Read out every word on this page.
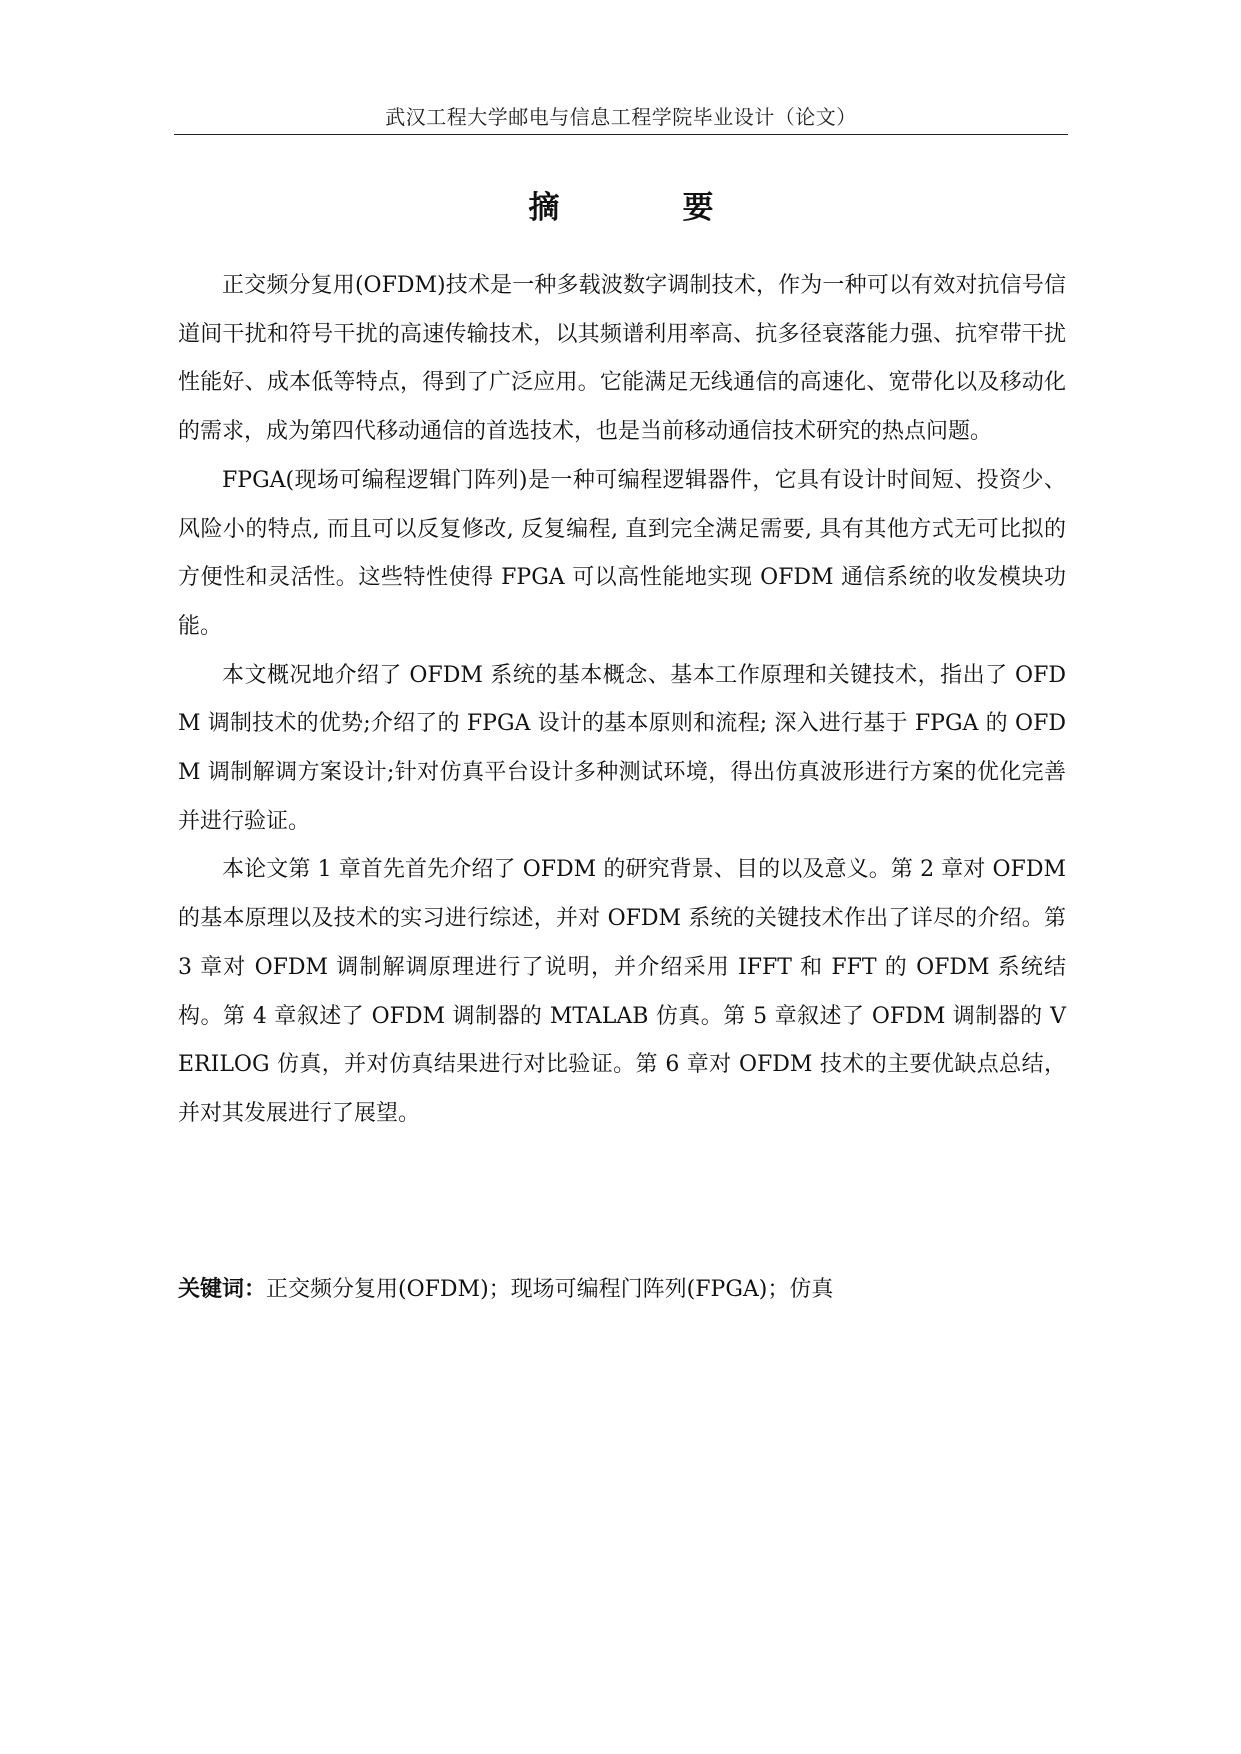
武汉工程大学邮电与信息工程学院毕业设计（论文）
摘　要

正交频分复用(OFDM)技术是一种多载波数字调制技术，作为一种可以有效对抗信号信道间干扰和符号干扰的高速传输技术，以其频谱利用率高、抗多径衰落能力强、抗窄带干扰性能好、成本低等特点，得到了广泛应用。它能满足无线通信的高速化、宽带化以及移动化的需求，成为第四代移动通信的首选技术，也是当前移动通信技术研究的热点问题。

FPGA(现场可编程逻辑门阵列)是一种可编程逻辑器件，它具有设计时间短、投资少、风险小的特点, 而且可以反复修改, 反复编程, 直到完全满足需要, 具有其他方式无可比拟的方便性和灵活性。这些特性使得 FPGA 可以高性能地实现 OFDM 通信系统的收发模块功能。

本文概况地介绍了 OFDM 系统的基本概念、基本工作原理和关键技术，指出了 OFDM 调制技术的优势;介绍了的 FPGA 设计的基本原则和流程; 深入进行基于 FPGA 的 OFDM 调制解调方案设计;针对仿真平台设计多种测试环境，得出仿真波形进行方案的优化完善并进行验证。

本论文第 1 章首先首先介绍了 OFDM 的研究背景、目的以及意义。第 2 章对 OFDM 的基本原理以及技术的实习进行综述，并对 OFDM 系统的关键技术作出了详尽的介绍。第 3 章对 OFDM 调制解调原理进行了说明，并介绍采用 IFFT 和 FFT 的 OFDM 系统结构。第 4 章叙述了 OFDM 调制器的 MTALAB 仿真。第 5 章叙述了 OFDM 调制器的 VERILOG 仿真，并对仿真结果进行对比验证。第 6 章对 OFDM 技术的主要优缺点总结，并对其发展进行了展望。

关键词：正交频分复用(OFDM)；现场可编程门阵列(FPGA)；仿真
